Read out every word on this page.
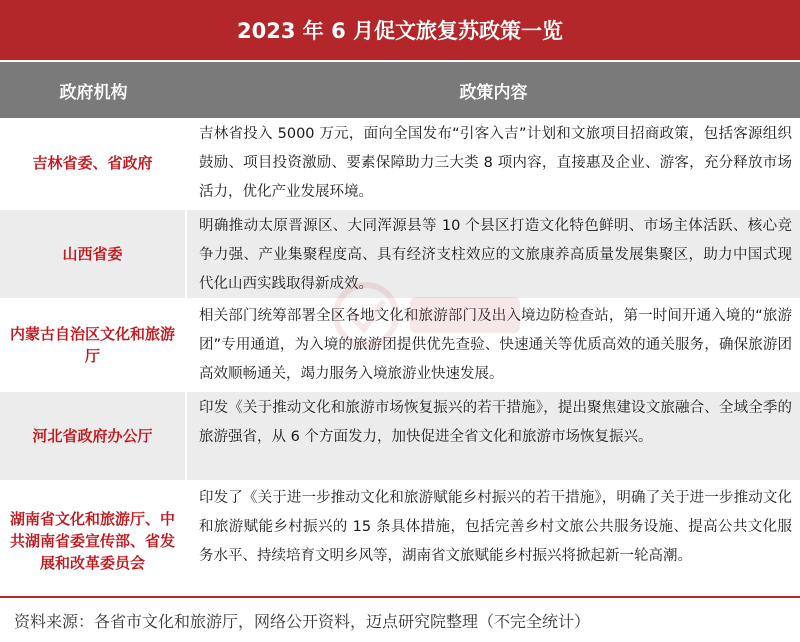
2023 年 6 月促文旅复苏政策一览
政府机构	政策内容
吉林省委、省政府
吉林省投入 5000 万元，面向全国发布“引客入吉”计划和文旅项目招商政策，包括客源组织鼓励、项目投资激励、要素保障助力三大类 8 项内容，直接惠及企业、游客，充分释放市场活力，优化产业发展环境。
山西省委
明确推动太原晋源区、大同浑源县等 10 个县区打造文化特色鲜明、市场主体活跃、核心竞争力强、产业集聚程度高、具有经济支柱效应的文旅康养高质量发展集聚区，助力中国式现代化山西实践取得新成效。
内蒙古自治区文化和旅游厅
相关部门统筹部署全区各地文化和旅游部门及出入境边防检查站，第一时间开通入境的“旅游团”专用通道，为入境的旅游团提供优先查验、快速通关等优质高效的通关服务，确保旅游团高效顺畅通关，竭力服务入境旅游业快速发展。
河北省政府办公厅
印发《关于推动文化和旅游市场恢复振兴的若干措施》，提出聚焦建设文旅融合、全域全季的旅游强省，从 6 个方面发力，加快促进全省文化和旅游市场恢复振兴。
湖南省文化和旅游厅、中共湖南省委宣传部、省发展和改革委员会
印发了《关于进一步推动文化和旅游赋能乡村振兴的若干措施》，明确了关于进一步推动文化和旅游赋能乡村振兴的 15 条具体措施，包括完善乡村文旅公共服务设施、提高公共文化服务水平、持续培育文明乡风等，湖南省文旅赋能乡村振兴将掀起新一轮高潮。
资料来源：各省市文化和旅游厅，网络公开资料，迈点研究院整理（不完全统计）
